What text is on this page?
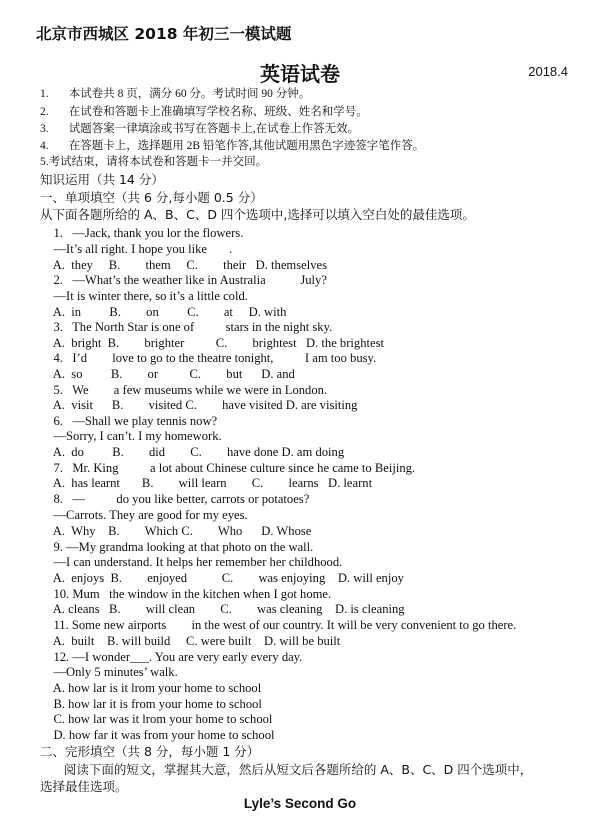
北京市西城区 2018 年初三一模试题
英语试卷	2018.4
1.       本试卷共 8 页，满分 60 分。考试时间 90 分钟。
2.       在试卷和答题卡上准确填写学校名称、班级、姓名和学号。
3.       试题答案一律填涂或书写在答题卡上,在试卷上作答无效。
4.       在答题卡上，选择题用 2B 铅笔作答,其他试题用黑色字迹签字笔作答。
5.考试结束，请将本试卷和答题卡一并交回。
知识运用（共 14 分）
一、单项填空（共 6 分,每小题 0.5 分）
从下面各题所给的 A、B、C、D 四个选项中,选择可以填入空白处的最佳选项。
1.   —Jack, thank you lor the flowers.
—It’s all right. I hope you like       .
A.  they     B.        them     C.        their   D. themselves
2.   —What’s the weather like in Australia           July?
—It is winter there, so it’s a little cold.
A.  in         B.        on         C.        at     D. with
3.   The North Star is one of          stars in the night sky.
A.  bright  B.        brighter          C.        brightest   D. the brightest
4.   I’d        love to go to the theatre tonight,          I am too busy.
A.  so         B.        or          C.        but      D. and
5.   We        a few museums while we were in London.
A.  visit      B.        visited C.        have visited D. are visiting
6.   —Shall we play tennis now?
—Sorry, I can’t. I my homework.
A.  do         B.        did        C.        have done D. am doing
7.   Mr. King          a lot about Chinese culture since he came to Beijing.
A.  has learnt       B.        will learn        C.        learns   D. learnt
8.   —          do you like better, carrots or potatoes?
—Carrots. They are good for my eyes.
A.  Why    B.        Which C.        Who      D. Whose
9. —My grandma looking at that photo on the wall.
—I can understand. It helps her remember her childhood.
A.  enjoys  B.        enjoyed           C.        was enjoying    D. will enjoy
10. Mum   the window in the kitchen when I got home.
A. cleans   B.        will clean        C.        was cleaning    D. is cleaning
11. Some new airports        in the west of our country. It will be very convenient to go there.
A.  built    B. will build     C. were built    D. will be built
12. —I wonder___. You are very early every day.
—Only 5 minutes’ walk.
A. how lar is it lrom your home to school
B. how lar it is from your home to school
C. how lar was it lrom your home to school
D. how far it was from your home to school
二、完形填空（共 8 分，每小题 1 分）
阅读下面的短文，掌握其大意，然后从短文后各题所给的 A、B、C、D 四个选项中，
选择最佳选项。
Lyle’s Second Go
